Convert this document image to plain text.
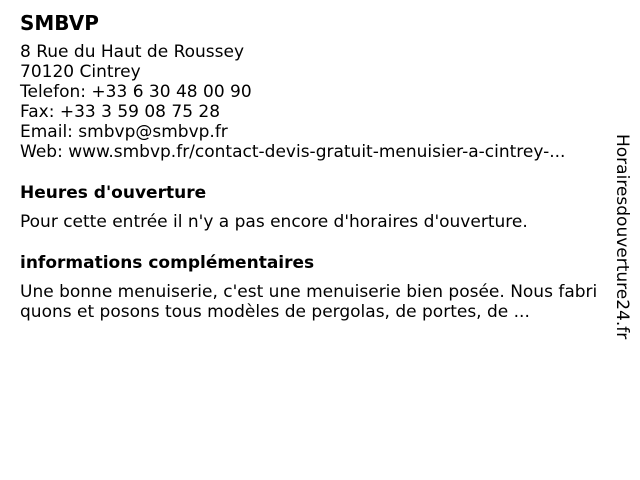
SMBVP
8 Rue du Haut de Roussey
70120 Cintrey
Telefon: +33 6 30 48 00 90
Fax: +33 3 59 08 75 28
Email: smbvp@smbvp.fr
Web: www.smbvp.fr/contact-devis-gratuit-menuisier-a-cintrey-...
Heures d'ouverture
Pour cette entrée il n'y a pas encore d'horaires d'ouverture.
informations complémentaires
Une bonne menuiserie, c'est une menuiserie bien posée. Nous fabriquons et posons tous modèles de pergolas, de portes, de ...	Horairesdouverture24.fr
